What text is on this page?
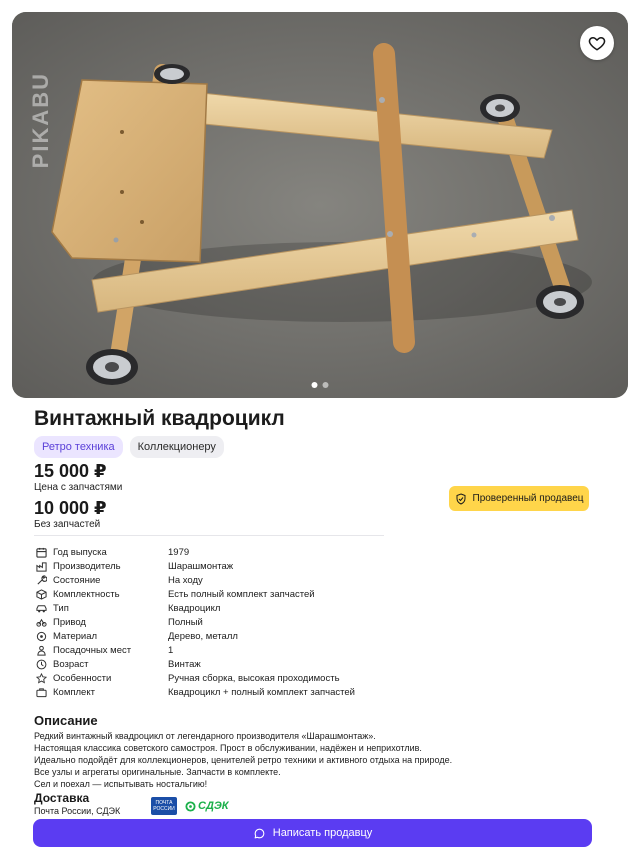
PIKABU
Винтажный квадроцикл
Ретро техника	Коллекционеру
15 000 ₽
Цена с запчастями
10 000 ₽
Без запчастей
Проверенный продавец
Год выпуска	1979
Производитель	Шарашмонтаж
Состояние	На ходу
Комплектность	Есть полный комплект запчастей
Тип	Квадроцикл
Привод	Полный
Материал	Дерево, металл
Посадочных мест	1
Возраст	Винтаж
Особенности	Ручная сборка, высокая проходимость
Комплект	Квадроцикл + полный комплект запчастей
Описание

Редкий винтажный квадроцикл от легендарного производителя «Шарашмонтаж».

Настоящая классика советского самостроя. Прост в обслуживании, надёжен и неприхотлив.

Идеально подойдёт для коллекционеров, ценителей ретро техники и активного отдыха на природе.

Все узлы и агрегаты оригинальные. Запчасти в комплекте.

Сел и поехал — испытывать ностальгию!

Доставка
Почта России, СДЭК
ПОЧТА РОССИИ СДЭК
Написать продавцу
